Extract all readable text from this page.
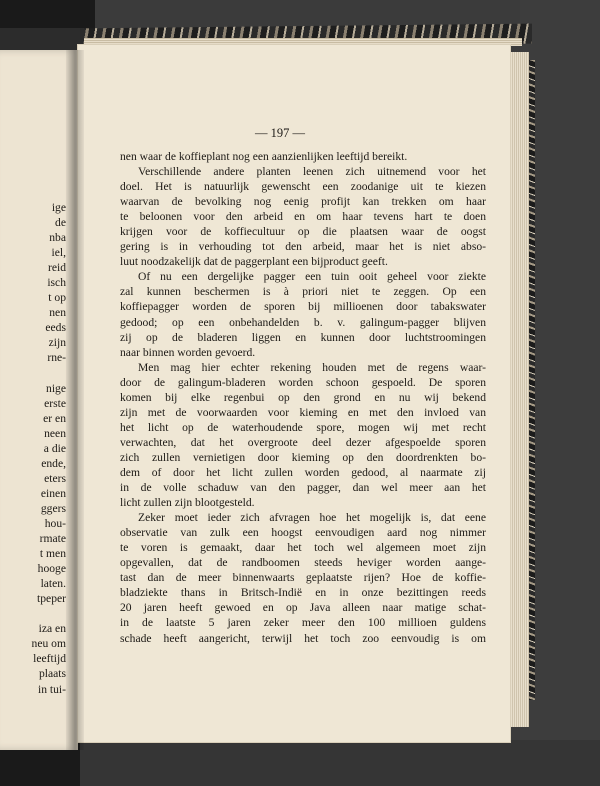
ige
de
nba
iel,
reid
isch
t op
nen
eeds
zijn
rne-
nige
erste
er en
neen
a die
ende,
eters
einen
ggers
hou-
rmate
t men
hooge
laten.
tpeper
iza en
neu om
leeftijd
plaats
in tui-
— 197 —
nen waar de koffieplant nog een aanzienlijken leeftijd bereikt.
Verschillende andere planten leenen zich uitnemend voor het
doel. Het is natuurlijk gewenscht een zoodanige uit te kiezen
waarvan de bevolking nog eenig profijt kan trekken om haar
te beloonen voor den arbeid en om haar tevens hart te doen
krijgen voor de koffiecultuur op die plaatsen waar de oogst
gering is in verhouding tot den arbeid, maar het is niet abso-
luut noodzakelijk dat de paggerplant een bijproduct geeft.
Of nu een dergelijke pagger een tuin ooit geheel voor ziekte
zal kunnen beschermen is à priori niet te zeggen. Op een
koffiepagger worden de sporen bij millioenen door tabakswater
gedood; op een onbehandelden b. v. galingum-pagger blijven
zij op de bladeren liggen en kunnen door luchtstroomingen
naar binnen worden gevoerd.
Men mag hier echter rekening houden met de regens waar-
door de galingum-bladeren worden schoon gespoeld. De sporen
komen bij elke regenbui op den grond en nu wij bekend
zijn met de voorwaarden voor kieming en met den invloed van
het licht op de waterhoudende spore, mogen wij met recht
verwachten, dat het overgroote deel dezer afgespoelde sporen
zich zullen vernietigen door kieming op den doordrenkten bo-
dem of door het licht zullen worden gedood, al naarmate zij
in de volle schaduw van den pagger, dan wel meer aan het
licht zullen zijn blootgesteld.
Zeker moet ieder zich afvragen hoe het mogelijk is, dat eene
observatie van zulk een hoogst eenvoudigen aard nog nimmer
te voren is gemaakt, daar het toch wel algemeen moet zijn
opgevallen, dat de randboomen steeds heviger worden aange-
tast dan de meer binnenwaarts geplaatste rijen? Hoe de koffie-
bladziekte thans in Britsch-Indië en in onze bezittingen reeds
20 jaren heeft gewoed en op Java alleen naar matige schat-
in de laatste 5 jaren zeker meer den 100 millioen guldens
schade heeft aangericht, terwijl het toch zoo eenvoudig is om
